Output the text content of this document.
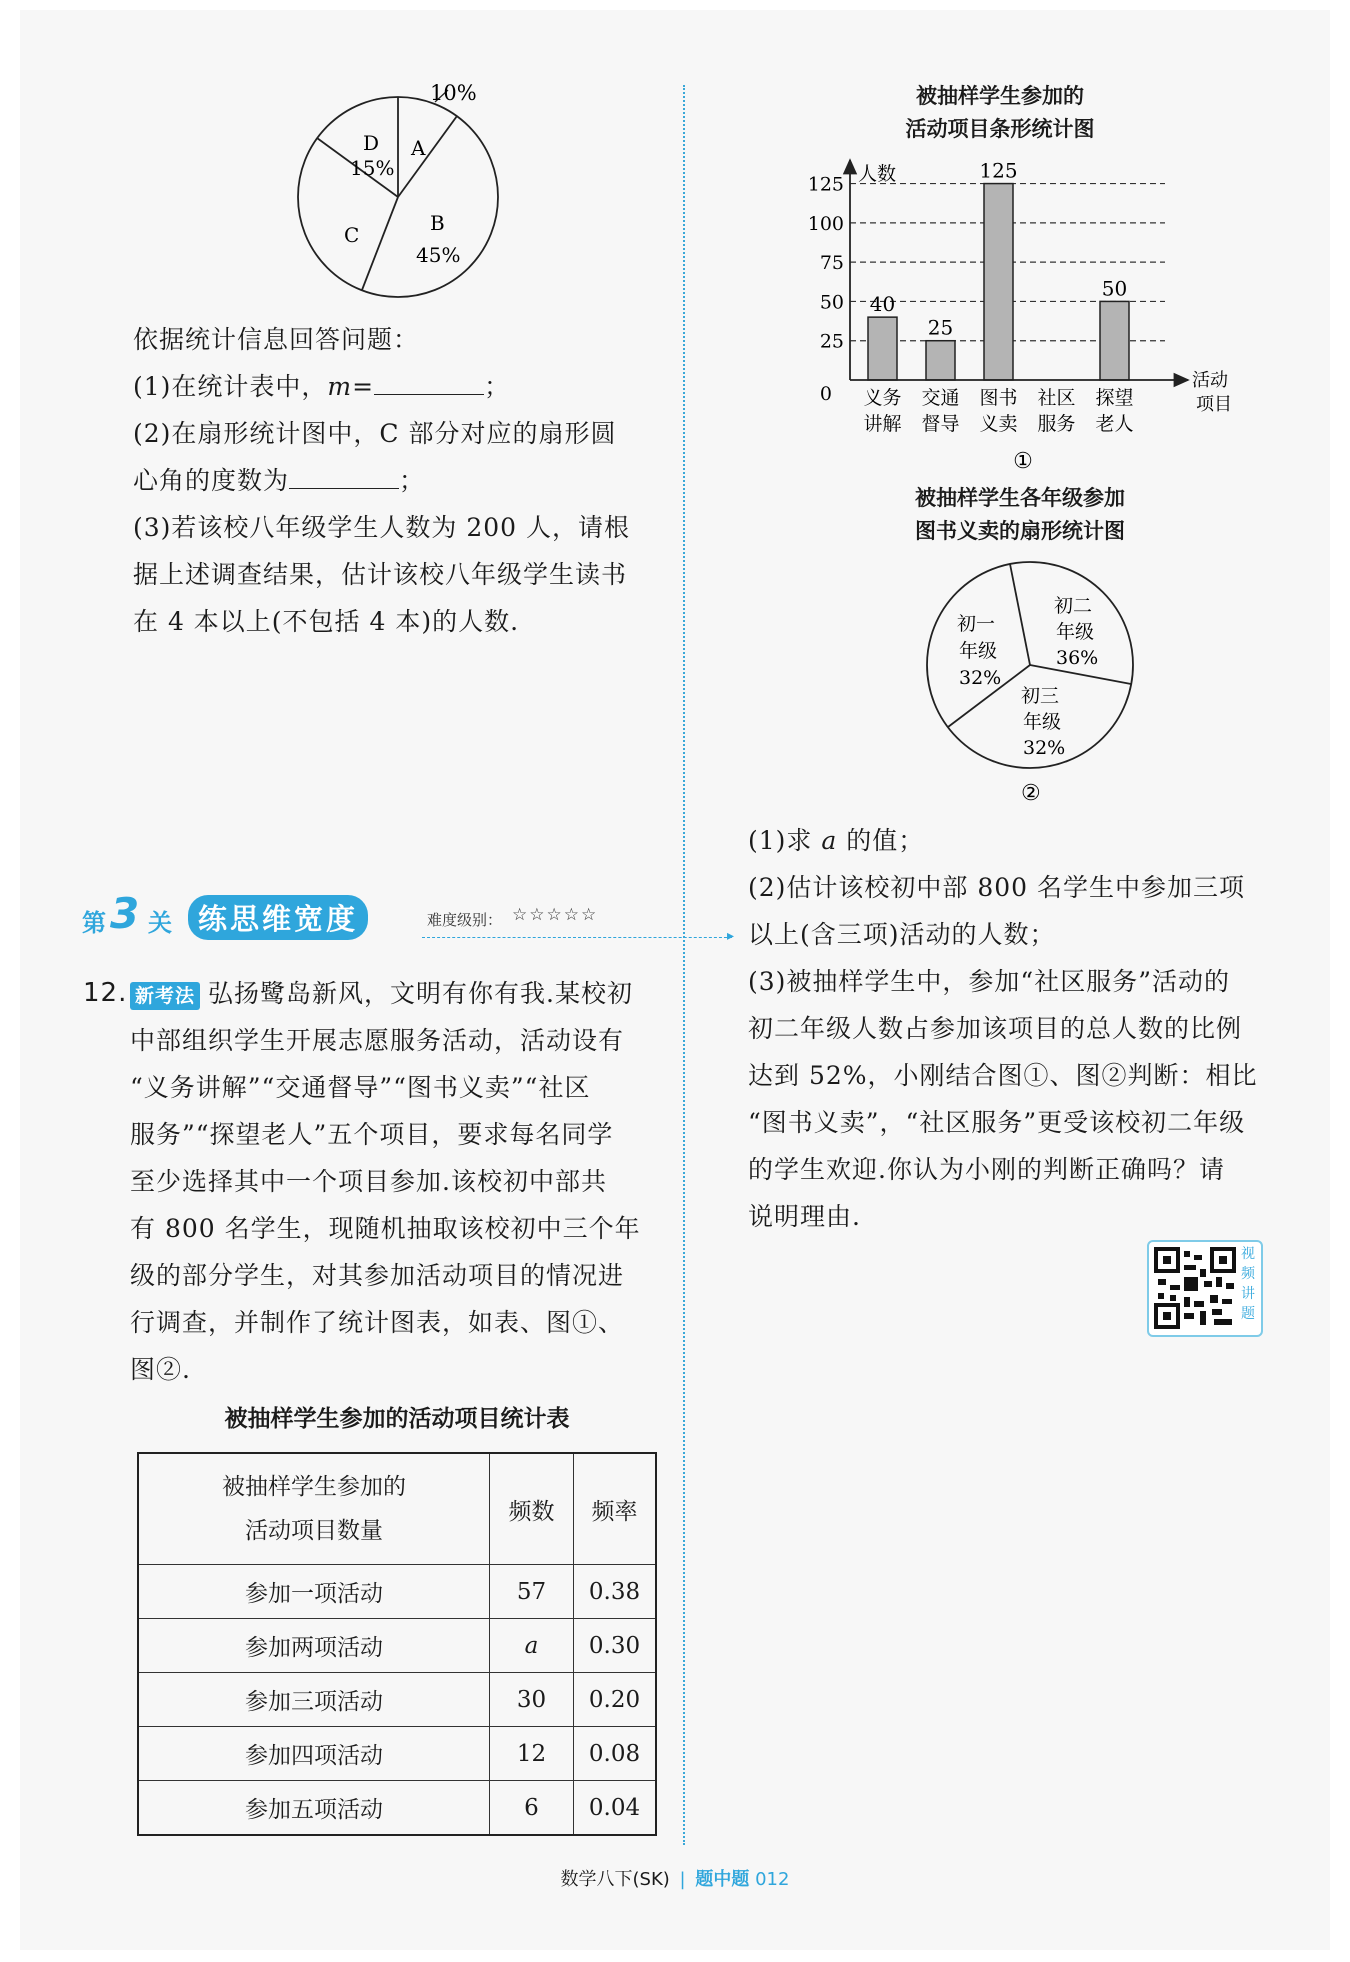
10%
A
D
15%
C	B
45%
依据统计信息回答问题：
(1)在统计表中，m=	；
(2)在扇形统计图中，C 部分对应的扇形圆
心角的度数为	；
(3)若该校八年级学生人数为 200 人，请根
据上述调查结果，估计该校八年级学生读书
在 4 本以上(不包括 4 本)的人数.
第 3 关 练思维宽度	难度级别： ☆☆☆☆☆
▸
12. 新考法 弘扬鹭岛新风，文明有你有我.某校初
中部组织学生开展志愿服务活动，活动设有
“义务讲解”“交通督导”“图书义卖”“社区
服务”“探望老人”五个项目，要求每名同学
至少选择其中一个项目参加.该校初中部共
有 800 名学生，现随机抽取该校初中三个年
级的部分学生，对其参加活动项目的情况进
行调查，并制作了统计图表，如表、图①、
图②.
被抽样学生参加的活动项目统计表
被抽样学生参加的
活动项目数量	频数	频率
参加一项活动	57	0.38
参加两项活动	a	0.30
参加三项活动	30	0.20
参加四项活动	12	0.08
参加五项活动	6	0.04
被抽样学生参加的
活动项目条形统计图
40
25
125
50
人数
活动
项目
0
25
50
75
100
125
义务
讲解
交通
督导
图书
义卖
社区
服务
探望
老人
①
被抽样学生各年级参加
图书义卖的扇形统计图
初一
年级
32%
初二
年级
36%
初三
年级
32%
②
(1)求 a 的值；
(2)估计该校初中部 800 名学生中参加三项
以上(含三项)活动的人数；
(3)被抽样学生中，参加“社区服务”活动的
初二年级人数占参加该项目的总人数的比例
达到 52%，小刚结合图①、图②判断：相比
“图书义卖”，“社区服务”更受该校初二年级
的学生欢迎.你认为小刚的判断正确吗？请
说明理由.
视频讲题
数学八下(SK) | 题中题 012
